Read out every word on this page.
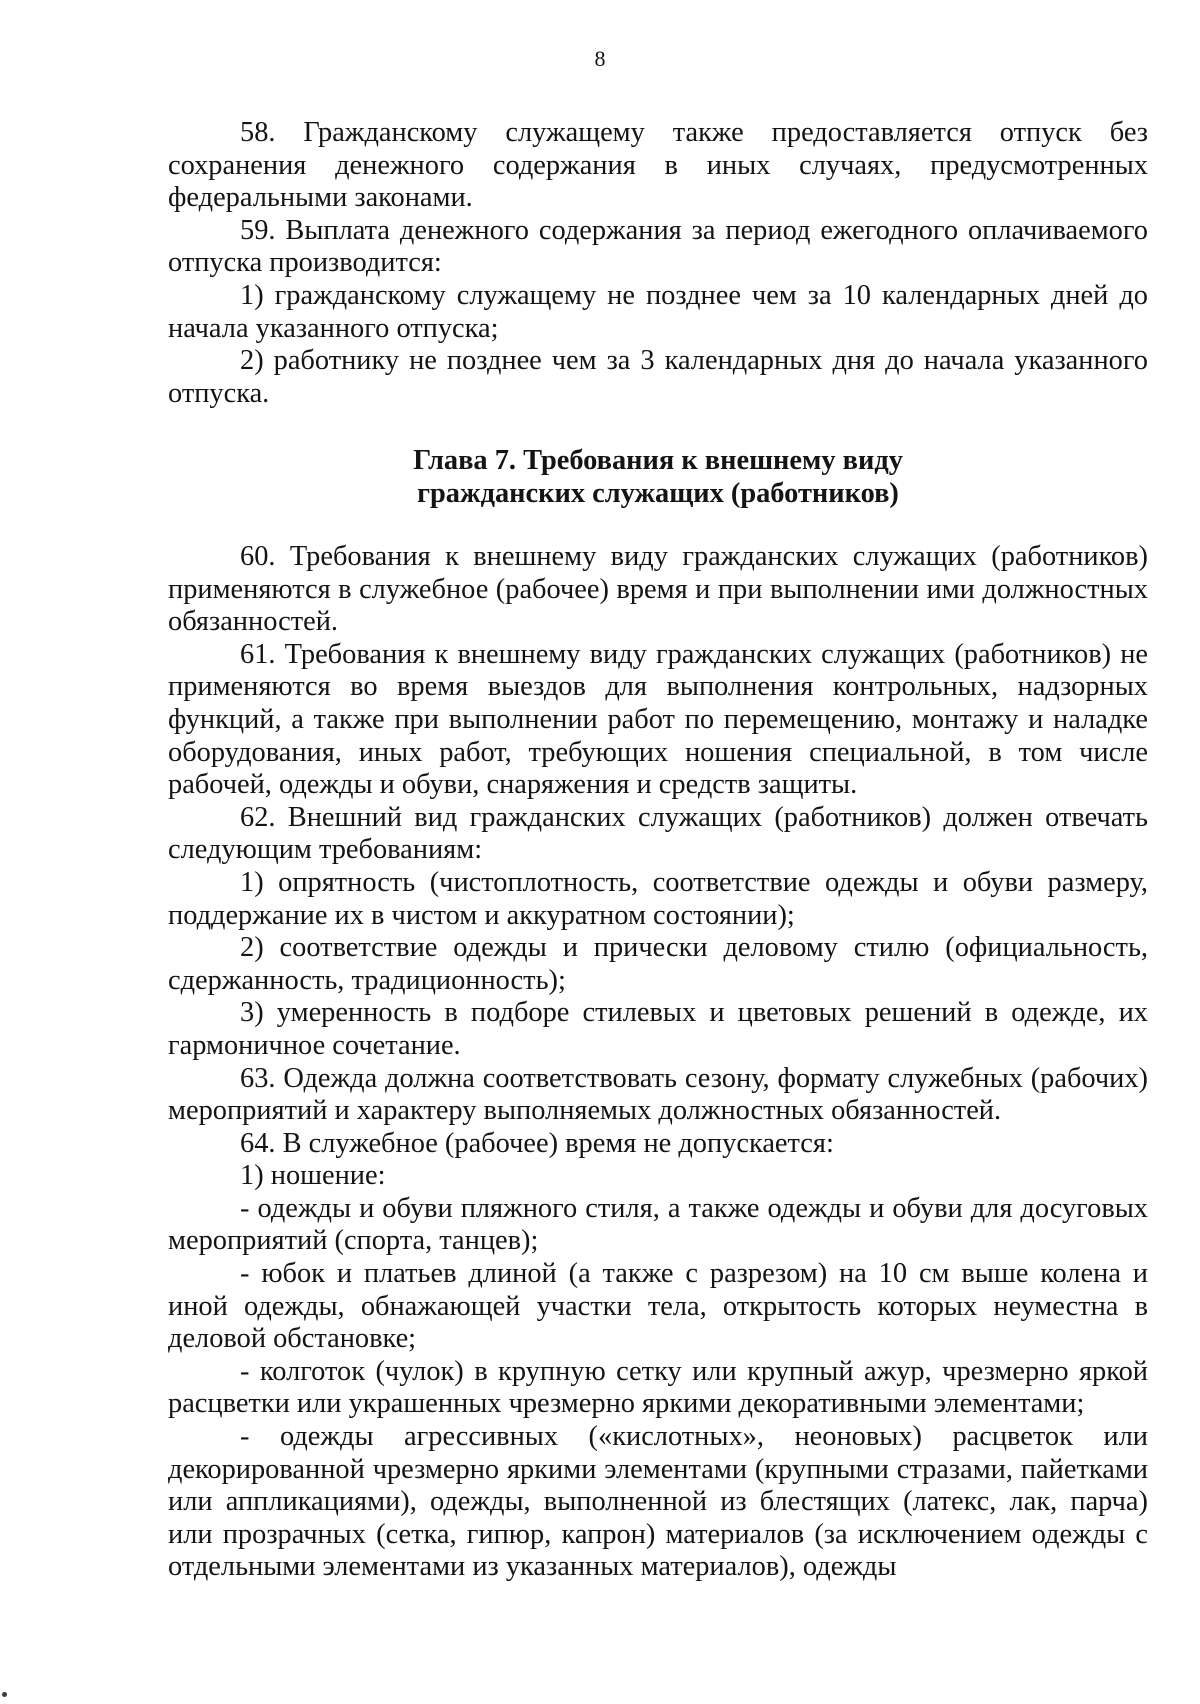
8

58. Гражданскому служащему также предоставляется отпуск без сохранения денежного содержания в иных случаях, предусмотренных федеральными законами.

59. Выплата денежного содержания за период ежегодного оплачиваемого отпуска производится:

1) гражданскому служащему не позднее чем за 10 календарных дней до начала указанного отпуска;

2) работнику не позднее чем за 3 календарных дня до начала указанного отпуска.

Глава 7. Требования к внешнему виду
гражданских служащих (работников)

60. Требования к внешнему виду гражданских служащих (работников) применяются в служебное (рабочее) время и при выполнении ими должностных обязанностей.

61. Требования к внешнему виду гражданских служащих (работников) не применяются во время выездов для выполнения контрольных, надзорных функций, а также при выполнении работ по перемещению, монтажу и наладке оборудования, иных работ, требующих ношения специальной, в том числе рабочей, одежды и обуви, снаряжения и средств защиты.

62. Внешний вид гражданских служащих (работников) должен отвечать следующим требованиям:

1) опрятность (чистоплотность, соответствие одежды и обуви размеру, поддержание их в чистом и аккуратном состоянии);

2) соответствие одежды и прически деловому стилю (официальность, сдержанность, традиционность);

3) умеренность в подборе стилевых и цветовых решений в одежде, их гармоничное сочетание.

63. Одежда должна соответствовать сезону, формату служебных (рабочих) мероприятий и характеру выполняемых должностных обязанностей.

64. В служебное (рабочее) время не допускается:

1) ношение:

- одежды и обуви пляжного стиля, а также одежды и обуви для досуговых мероприятий (спорта, танцев);

- юбок и платьев длиной (а также с разрезом) на 10 см выше колена и иной одежды, обнажающей участки тела, открытость которых неуместна в деловой обстановке;

- колготок (чулок) в крупную сетку или крупный ажур, чрезмерно яркой расцветки или украшенных чрезмерно яркими декоративными элементами;

- одежды агрессивных («кислотных», неоновых) расцветок или декорированной чрезмерно яркими элементами (крупными стразами, пайетками или аппликациями), одежды, выполненной из блестящих (латекс, лак, парча) или прозрачных (сетка, гипюр, капрон) материалов (за исключением одежды с отдельными элементами из указанных материалов), одежды
